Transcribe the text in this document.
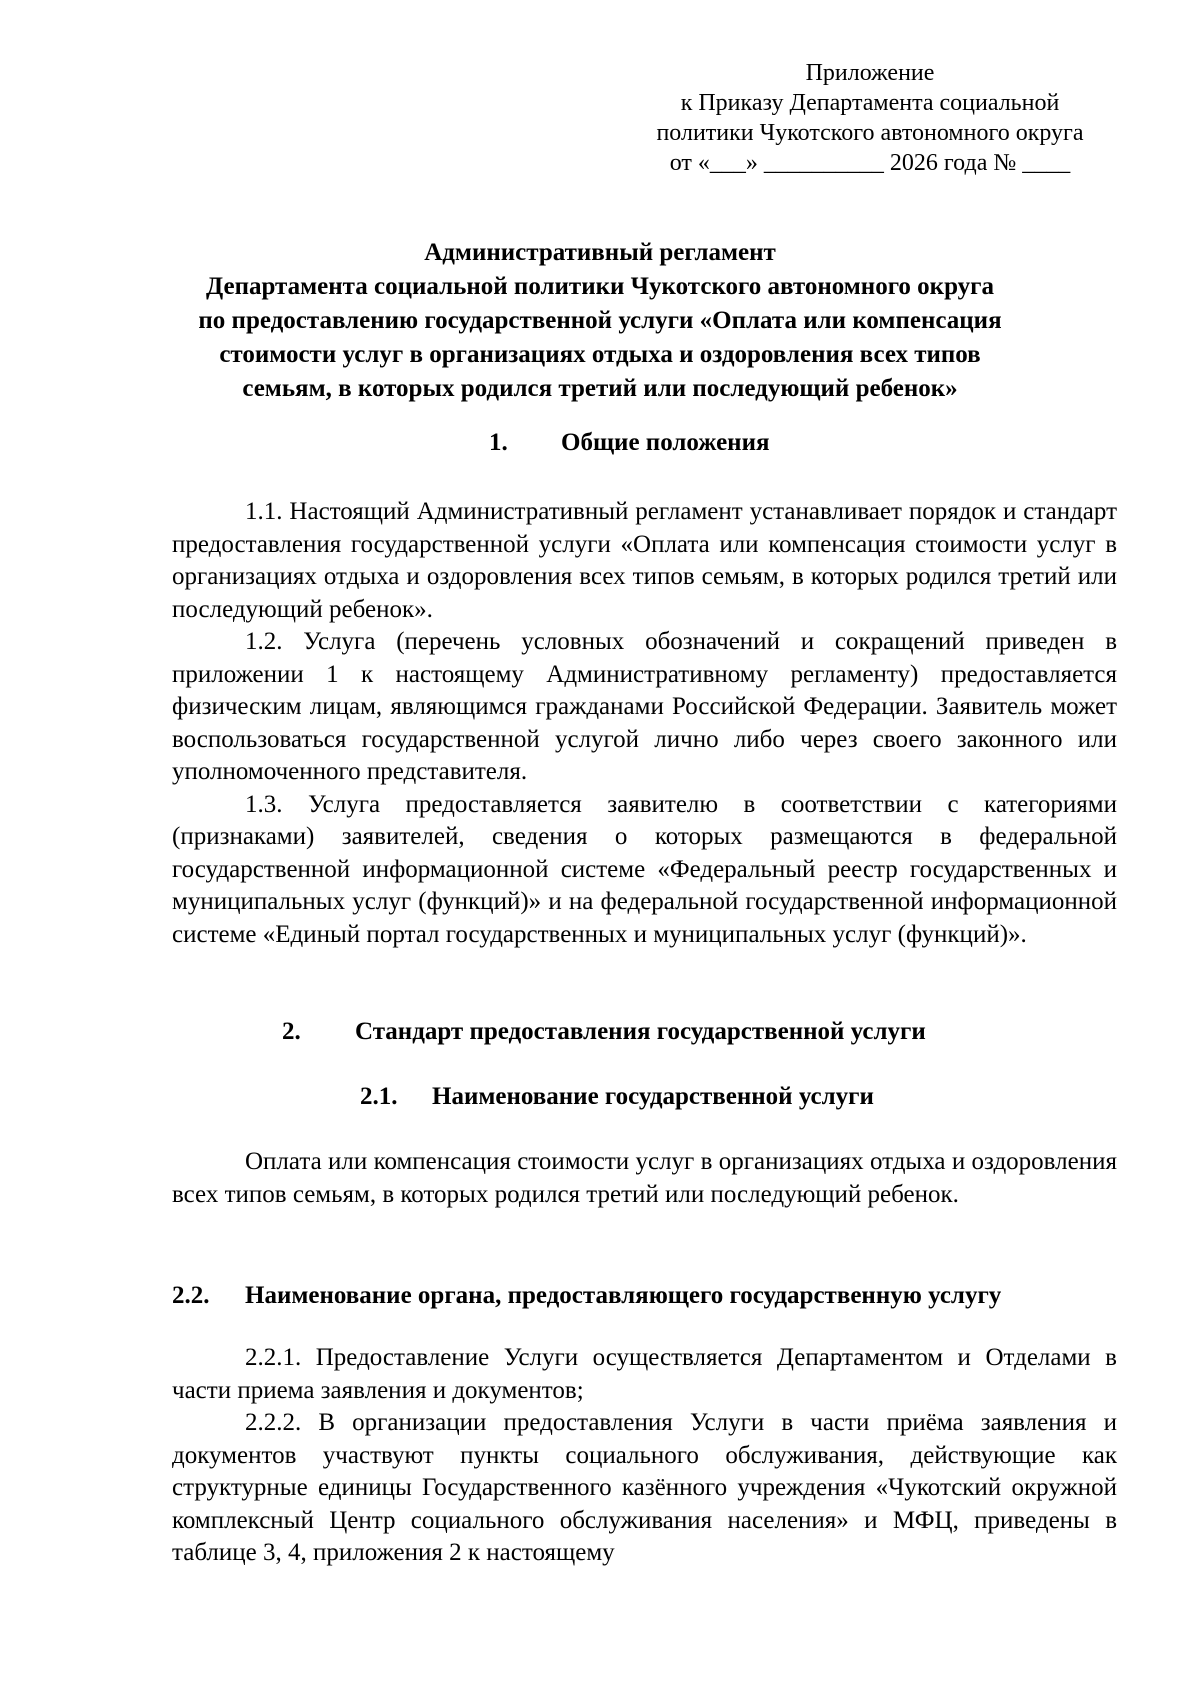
Приложение
к Приказу Департамента социальной
политики Чукотского автономного округа
от «___» __________ 2026 года № ____
Административный регламент
Департамента социальной политики Чукотского автономного округа
по предоставлению государственной услуги «Оплата или компенсация
стоимости услуг в организациях отдыха и оздоровления всех типов
семьям, в которых родился третий или последующий ребенок»
1. Общие положения

1.1. Настоящий Административный регламент устанавливает порядок и стандарт предоставления государственной услуги «Оплата или компенсация стоимости услуг в организациях отдыха и оздоровления всех типов семьям, в которых родился третий или последующий ребенок».

1.2. Услуга (перечень условных обозначений и сокращений приведен в приложении 1 к настоящему Административному регламенту) предоставляется физическим лицам, являющимся гражданами Российской Федерации. Заявитель может воспользоваться государственной услугой лично либо через своего законного или уполномоченного представителя.

1.3. Услуга предоставляется заявителю в соответствии с категориями (признаками) заявителей, сведения о которых размещаются в федеральной государственной информационной системе «Федеральный реестр государственных и муниципальных услуг (функций)» и на федеральной государственной информационной системе «Единый портал государственных и муниципальных услуг (функций)».

2. Стандарт предоставления государственной услуги
2.1. Наименование государственной услуги

Оплата или компенсация стоимости услуг в организациях отдыха и оздоровления всех типов семьям, в которых родился третий или последующий ребенок.

2.2. Наименование органа, предоставляющего государственную услугу

2.2.1. Предоставление Услуги осуществляется Департаментом и Отделами в части приема заявления и документов;

2.2.2. В организации предоставления Услуги в части приёма заявления и документов участвуют пункты социального обслуживания, действующие как структурные единицы Государственного казённого учреждения «Чукотский окружной комплексный Центр социального обслуживания населения» и МФЦ, приведены в таблице 3, 4, приложения 2 к настоящему
